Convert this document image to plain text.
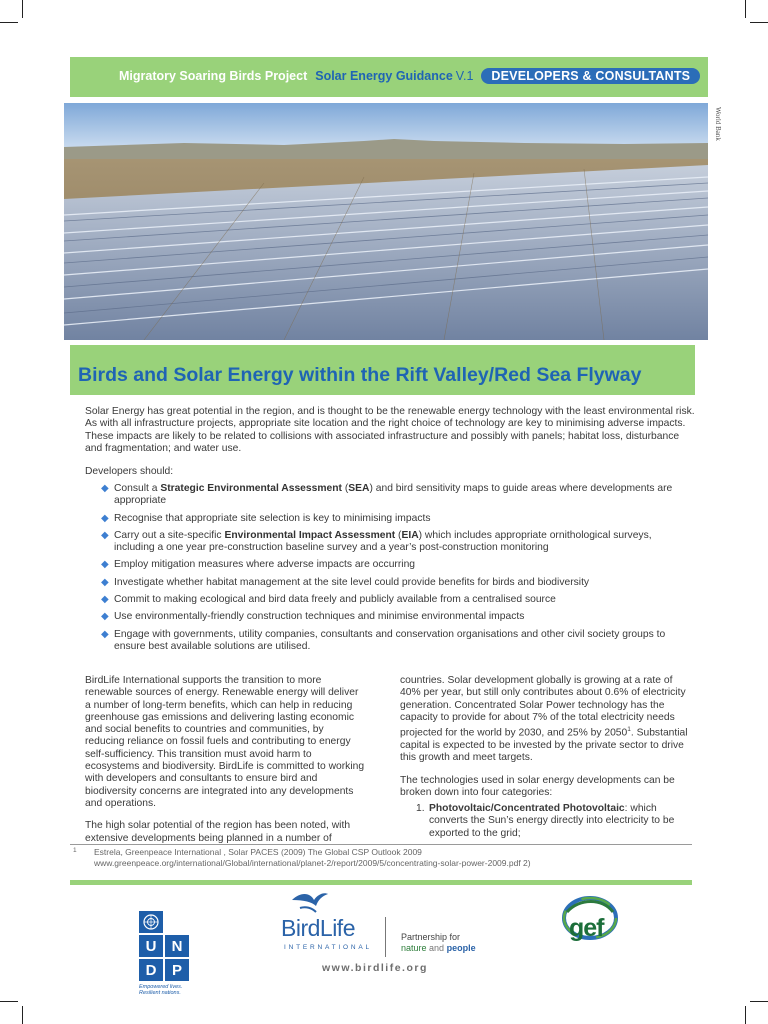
Migratory Soaring Birds Project Solar Energy Guidance V.1	DEVELOPERS & CONSULTANTS
World Bank
Birds and Solar Energy within the Rift Valley/Red Sea Flyway

Solar Energy has great potential in the region, and is thought to be the renewable energy technology with the least environmental risk. As with all infrastructure projects, appropriate site location and the right choice of technology are key to minimising adverse impacts. These impacts are likely to be related to collisions with associated infrastructure and possibly with panels; habitat loss, disturbance and fragmentation; and water use.

Developers should:

◆ Consult a Strategic Environmental Assessment (SEA) and bird sensitivity maps to guide areas where developments are appropriate
◆ Recognise that appropriate site selection is key to minimising impacts
◆ Carry out a site-specific Environmental Impact Assessment (EIA) which includes appropriate ornithological surveys, including a one year pre-construction baseline survey and a year’s post-construction monitoring
◆ Employ mitigation measures where adverse impacts are occurring
◆ Investigate whether habitat management at the site level could provide benefits for birds and biodiversity
◆ Commit to making ecological and bird data freely and publicly available from a centralised source
◆ Use environmentally-friendly construction techniques and minimise environmental impacts
◆ Engage with governments, utility companies, consultants and conservation organisations and other civil society groups to ensure best available solutions are utilised.

BirdLife International supports the transition to more renewable sources of energy. Renewable energy will deliver a number of long-term benefits, which can help in reducing greenhouse gas emissions and delivering lasting economic and social benefits to countries and communities, by reducing reliance on fossil fuels and contributing to energy self-sufficiency. This transition must avoid harm to ecosystems and biodiversity. BirdLife is committed to working with developers and consultants to ensure bird and biodiversity concerns are integrated into any developments and operations.

The high solar potential of the region has been noted, with extensive developments being planned in a number of

countries. Solar development globally is growing at a rate of 40% per year, but still only contributes about 0.6% of electricity generation. Concentrated Solar Power technology has the capacity to provide for about 7% of the total electricity needs projected for the world by 2030, and 25% by 2050$^1$. Substantial capital is expected to be invested by the private sector to drive this growth and meet targets.

The technologies used in solar energy developments can be broken down into four categories:

1. Photovoltaic/Concentrated Photovoltaic: which converts the Sun’s energy directly into electricity to be exported to the grid;
1 Estrela, Greenpeace International , Solar PACES (2009) The Global CSP Outlook 2009
www.greenpeace.org/international/Global/international/planet-2/report/2009/5/concentrating-solar-power-2009.pdf 2)
U	N
D	P
Empowered lives.
Resilient nations.
BirdLife
INTERNATIONAL
Partnership for
nature and people
www.birdlife.org
gef
